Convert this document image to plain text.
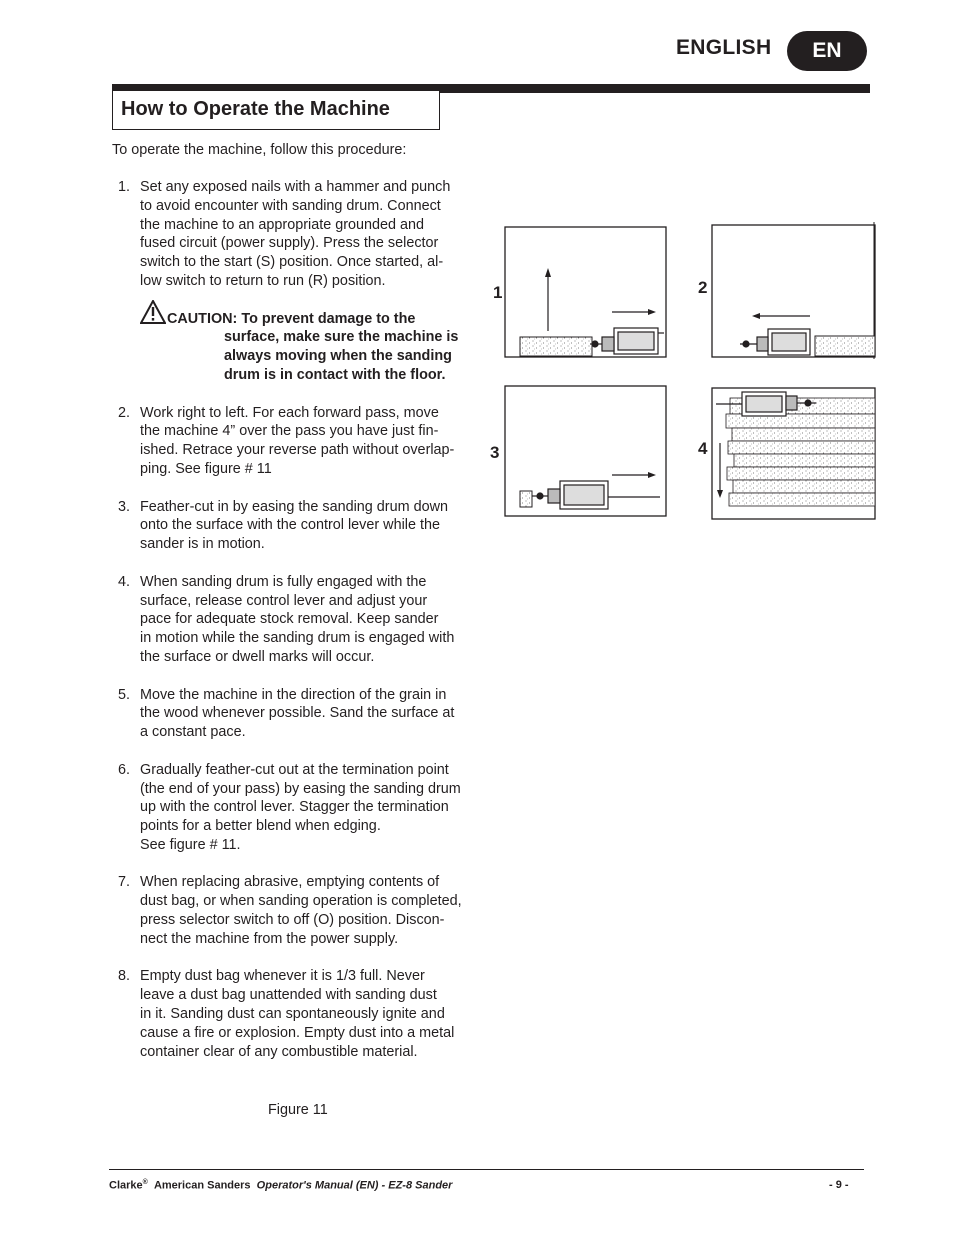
ENGLISH	EN
How to Operate the Machine
To operate the machine, follow this procedure:
1. Set any exposed nails with a hammer and punch
to avoid encounter with sanding drum. Connect
the machine to an appropriate grounded and
fused circuit (power supply). Press the selector
switch to the start (S) position. Once started, al-
low switch to return to run (R) position.
CAUTION: To prevent damage to the
surface, make sure the machine is
always moving when the sanding
drum is in contact with the floor.
2. Work right to left. For each forward pass, move
the machine 4” over the pass you have just fin-
ished. Retrace your reverse path without overlap-
ping. See figure # 11
3. Feather-cut in by easing the sanding drum down
onto the surface with the control lever while the
sander is in motion.
4. When sanding drum is fully engaged with the
surface, release control lever and adjust your
pace for adequate stock removal. Keep sander
in motion while the sanding drum is engaged with
the surface or dwell marks will occur.
5. Move the machine in the direction of the grain in
the wood whenever possible. Sand the surface at
a constant pace.
6. Gradually feather-cut out at the termination point
(the end of your pass) by easing the sanding drum
up with the control lever. Stagger the termination
points for a better blend when edging.
See figure # 11.
7. When replacing abrasive, emptying contents of
dust bag, or when sanding operation is completed,
press selector switch to off (O) position. Discon-
nect the machine from the power supply.
8. Empty dust bag whenever it is 1/3 full. Never
leave a dust bag unattended with sanding dust
in it. Sanding dust can spontaneously ignite and
cause a fire or explosion. Empty dust into a metal
container clear of any combustible material.
1	2
3	4
Figure 11
Clarke® American Sanders Operator's Manual (EN) - EZ-8 Sander	- 9 -
